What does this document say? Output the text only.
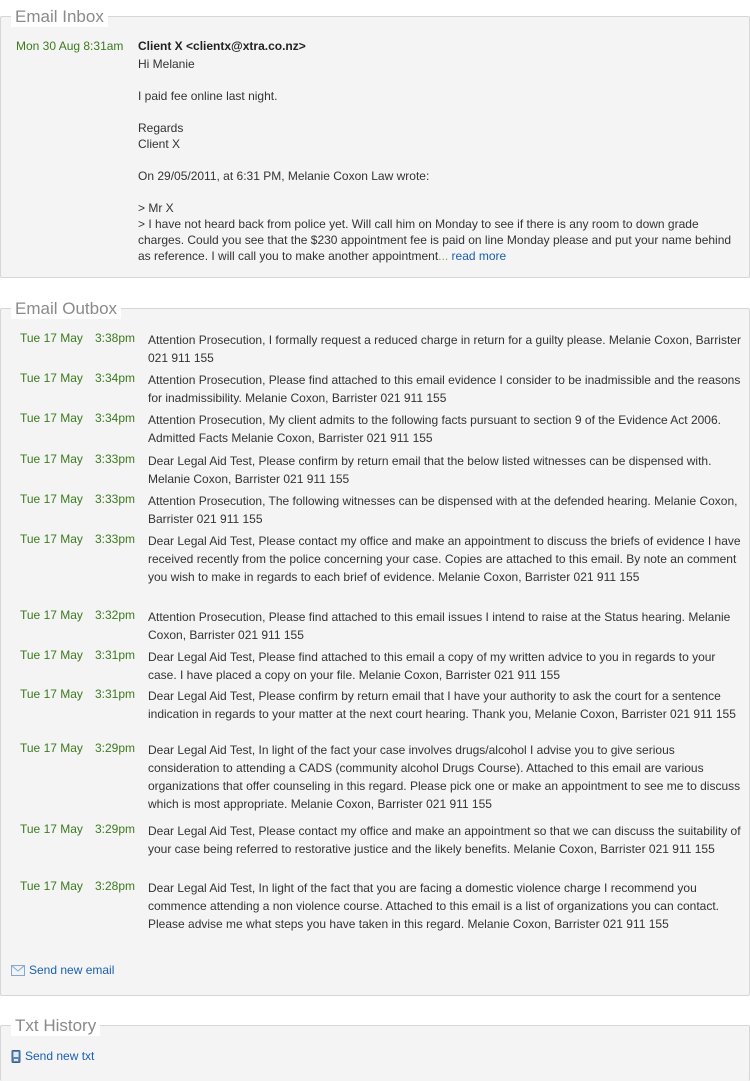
Email Inbox
Mon 30 Aug 8:31am Client X <clientx@xtra.co.nz>

Hi Melanie

I paid fee online last night.

Regards

Client X

On 29/05/2011, at 6:31 PM, Melanie Coxon Law wrote:

> Mr X

> I have not heard back from police yet. Will call him on Monday to see if there is any room to down grade charges. Could you see that the $230 appointment fee is paid on line Monday please and put your name behind as reference. I will call you to make another appointment... read more

Email Outbox
Tue 17 May 3:38pm Attention Prosecution, I formally request a reduced charge in return for a guilty please. Melanie Coxon, Barrister 021 911 155
Tue 17 May 3:34pm Attention Prosecution, Please find attached to this email evidence I consider to be inadmissible and the reasons for inadmissibility. Melanie Coxon, Barrister 021 911 155
Tue 17 May 3:34pm Attention Prosecution, My client admits to the following facts pursuant to section 9 of the Evidence Act 2006. Admitted Facts Melanie Coxon, Barrister 021 911 155
Tue 17 May 3:33pm Dear Legal Aid Test, Please confirm by return email that the below listed witnesses can be dispensed with. Melanie Coxon, Barrister 021 911 155
Tue 17 May 3:33pm Attention Prosecution, The following witnesses can be dispensed with at the defended hearing. Melanie Coxon, Barrister 021 911 155
Tue 17 May 3:33pm Dear Legal Aid Test, Please contact my office and make an appointment to discuss the briefs of evidence I have received recently from the police concerning your case. Copies are attached to this email. By note an comment you wish to make in regards to each brief of evidence. Melanie Coxon, Barrister 021 911 155
Tue 17 May 3:32pm Attention Prosecution, Please find attached to this email issues I intend to raise at the Status hearing. Melanie Coxon, Barrister 021 911 155
Tue 17 May 3:31pm Dear Legal Aid Test, Please find attached to this email a copy of my written advice to you in regards to your case. I have placed a copy on your file. Melanie Coxon, Barrister 021 911 155
Tue 17 May 3:31pm Dear Legal Aid Test, Please confirm by return email that I have your authority to ask the court for a sentence indication in regards to your matter at the next court hearing. Thank you, Melanie Coxon, Barrister 021 911 155
Tue 17 May 3:29pm Dear Legal Aid Test, In light of the fact your case involves drugs/alcohol I advise you to give serious consideration to attending a CADS (community alcohol Drugs Course). Attached to this email are various organizations that offer counseling in this regard. Please pick one or make an appointment to see me to discuss which is most appropriate. Melanie Coxon, Barrister 021 911 155
Tue 17 May 3:29pm Dear Legal Aid Test, Please contact my office and make an appointment so that we can discuss the suitability of your case being referred to restorative justice and the likely benefits. Melanie Coxon, Barrister 021 911 155
Tue 17 May 3:28pm Dear Legal Aid Test, In light of the fact that you are facing a domestic violence charge I recommend you commence attending a non violence course. Attached to this email is a list of organizations you can contact. Please advise me what steps you have taken in this regard. Melanie Coxon, Barrister 021 911 155
Send new email
Txt History
Send new txt
